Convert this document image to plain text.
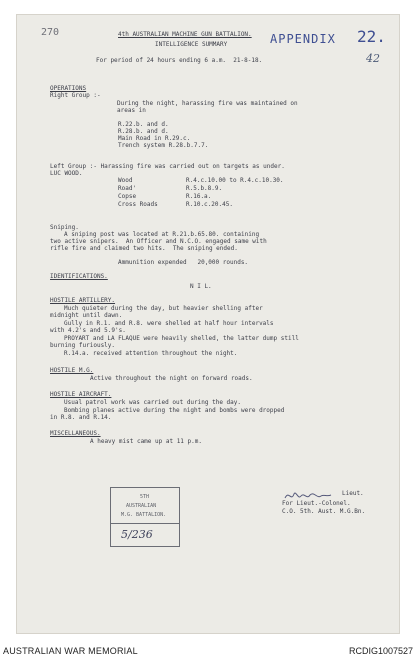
270	APPENDIX 22.
42
4th AUSTRALIAN MACHINE GUN BATTALION.
INTELLIGENCE SUMMARY
For period of 24 hours ending 6 a.m.  21-8-18.
OPERATIONS
Right Group :-
During the night, harassing fire was maintained on
areas in
R.22.b. and d.
R.28.b. and d.
Main Road in R.29.c.
Trench system R.28.b.7.7.
Left Group :- Harassing fire was carried out on targets as under.
LUC WOOD.
Wood	R.4.c.10.00 to R.4.c.10.30.
Road'	R.5.b.8.9.
Copse	R.16.a.
Cross Roads	R.10.c.20.45.
Sniping.
A sniping post was located at R.21.b.65.80. containing
two active snipers.  An Officer and N.C.O. engaged same with
rifle fire and claimed two hits.  The sniping ended.
Ammunition expended   20,000 rounds.
IDENTIFICATIONS.
N I L.
HOSTILE ARTILLERY.
Much quieter during the day, but heavier shelling after
midnight until dawn.
Gully in R.1. and R.8. were shelled at half hour intervals
with 4.2's and 5.9's.
PROYART and LA FLAQUE were heavily shelled, the latter dump still
burning furiously.
R.14.a. received attention throughout the night.
HOSTILE M.G.
Active throughout the night on forward roads.
HOSTILE AIRCRAFT.
Usual patrol work was carried out during the day.
Bombing planes active during the night and bombs were dropped
in R.8. and R.14.
MISCELLANEOUS.
A heavy mist came up at 11 p.m.
Lieut.
For Lieut.-Colonel.
C.O. 5th. Aust. M.G.Bn.
5TH
AUSTRALIAN
M.G. BATTALION.
5/236
AUSTRALIAN WAR MEMORIAL	RCDIG1007527
